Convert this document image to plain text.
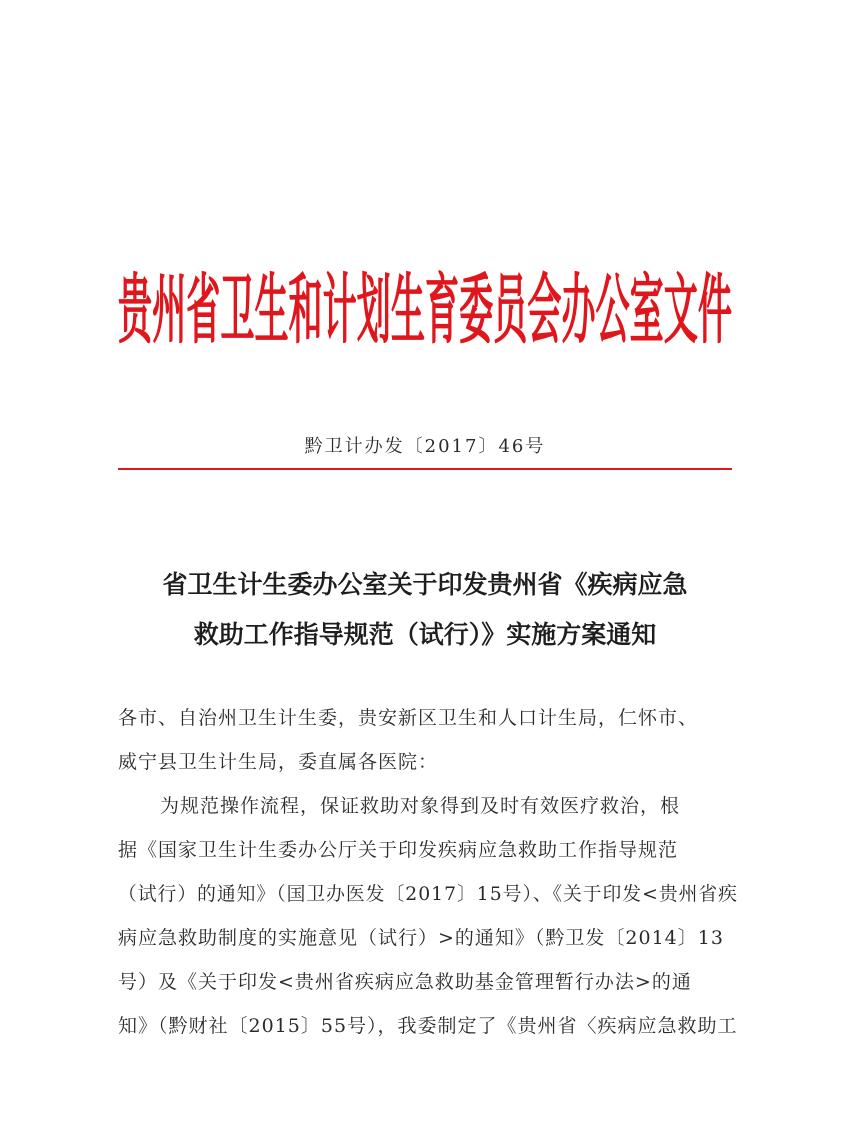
贵州省卫生和计划生育委员会办公室文件
黔卫计办发〔2017〕46号
省卫生计生委办公室关于印发贵州省《疾病应急
救助工作指导规范（试行）》实施方案通知
各市、自治州卫生计生委，贵安新区卫生和人口计生局，仁怀市、
威宁县卫生计生局，委直属各医院：
为规范操作流程，保证救助对象得到及时有效医疗救治，根
据《国家卫生计生委办公厅关于印发疾病应急救助工作指导规范
（试行）的通知》（国卫办医发〔2017〕15号）、《关于印发<贵州省疾
病应急救助制度的实施意见（试行）>的通知》（黔卫发〔2014〕13
号）及《关于印发<贵州省疾病应急救助基金管理暂行办法>的通
知》（黔财社〔2015〕55号），我委制定了《贵州省〈疾病应急救助工
